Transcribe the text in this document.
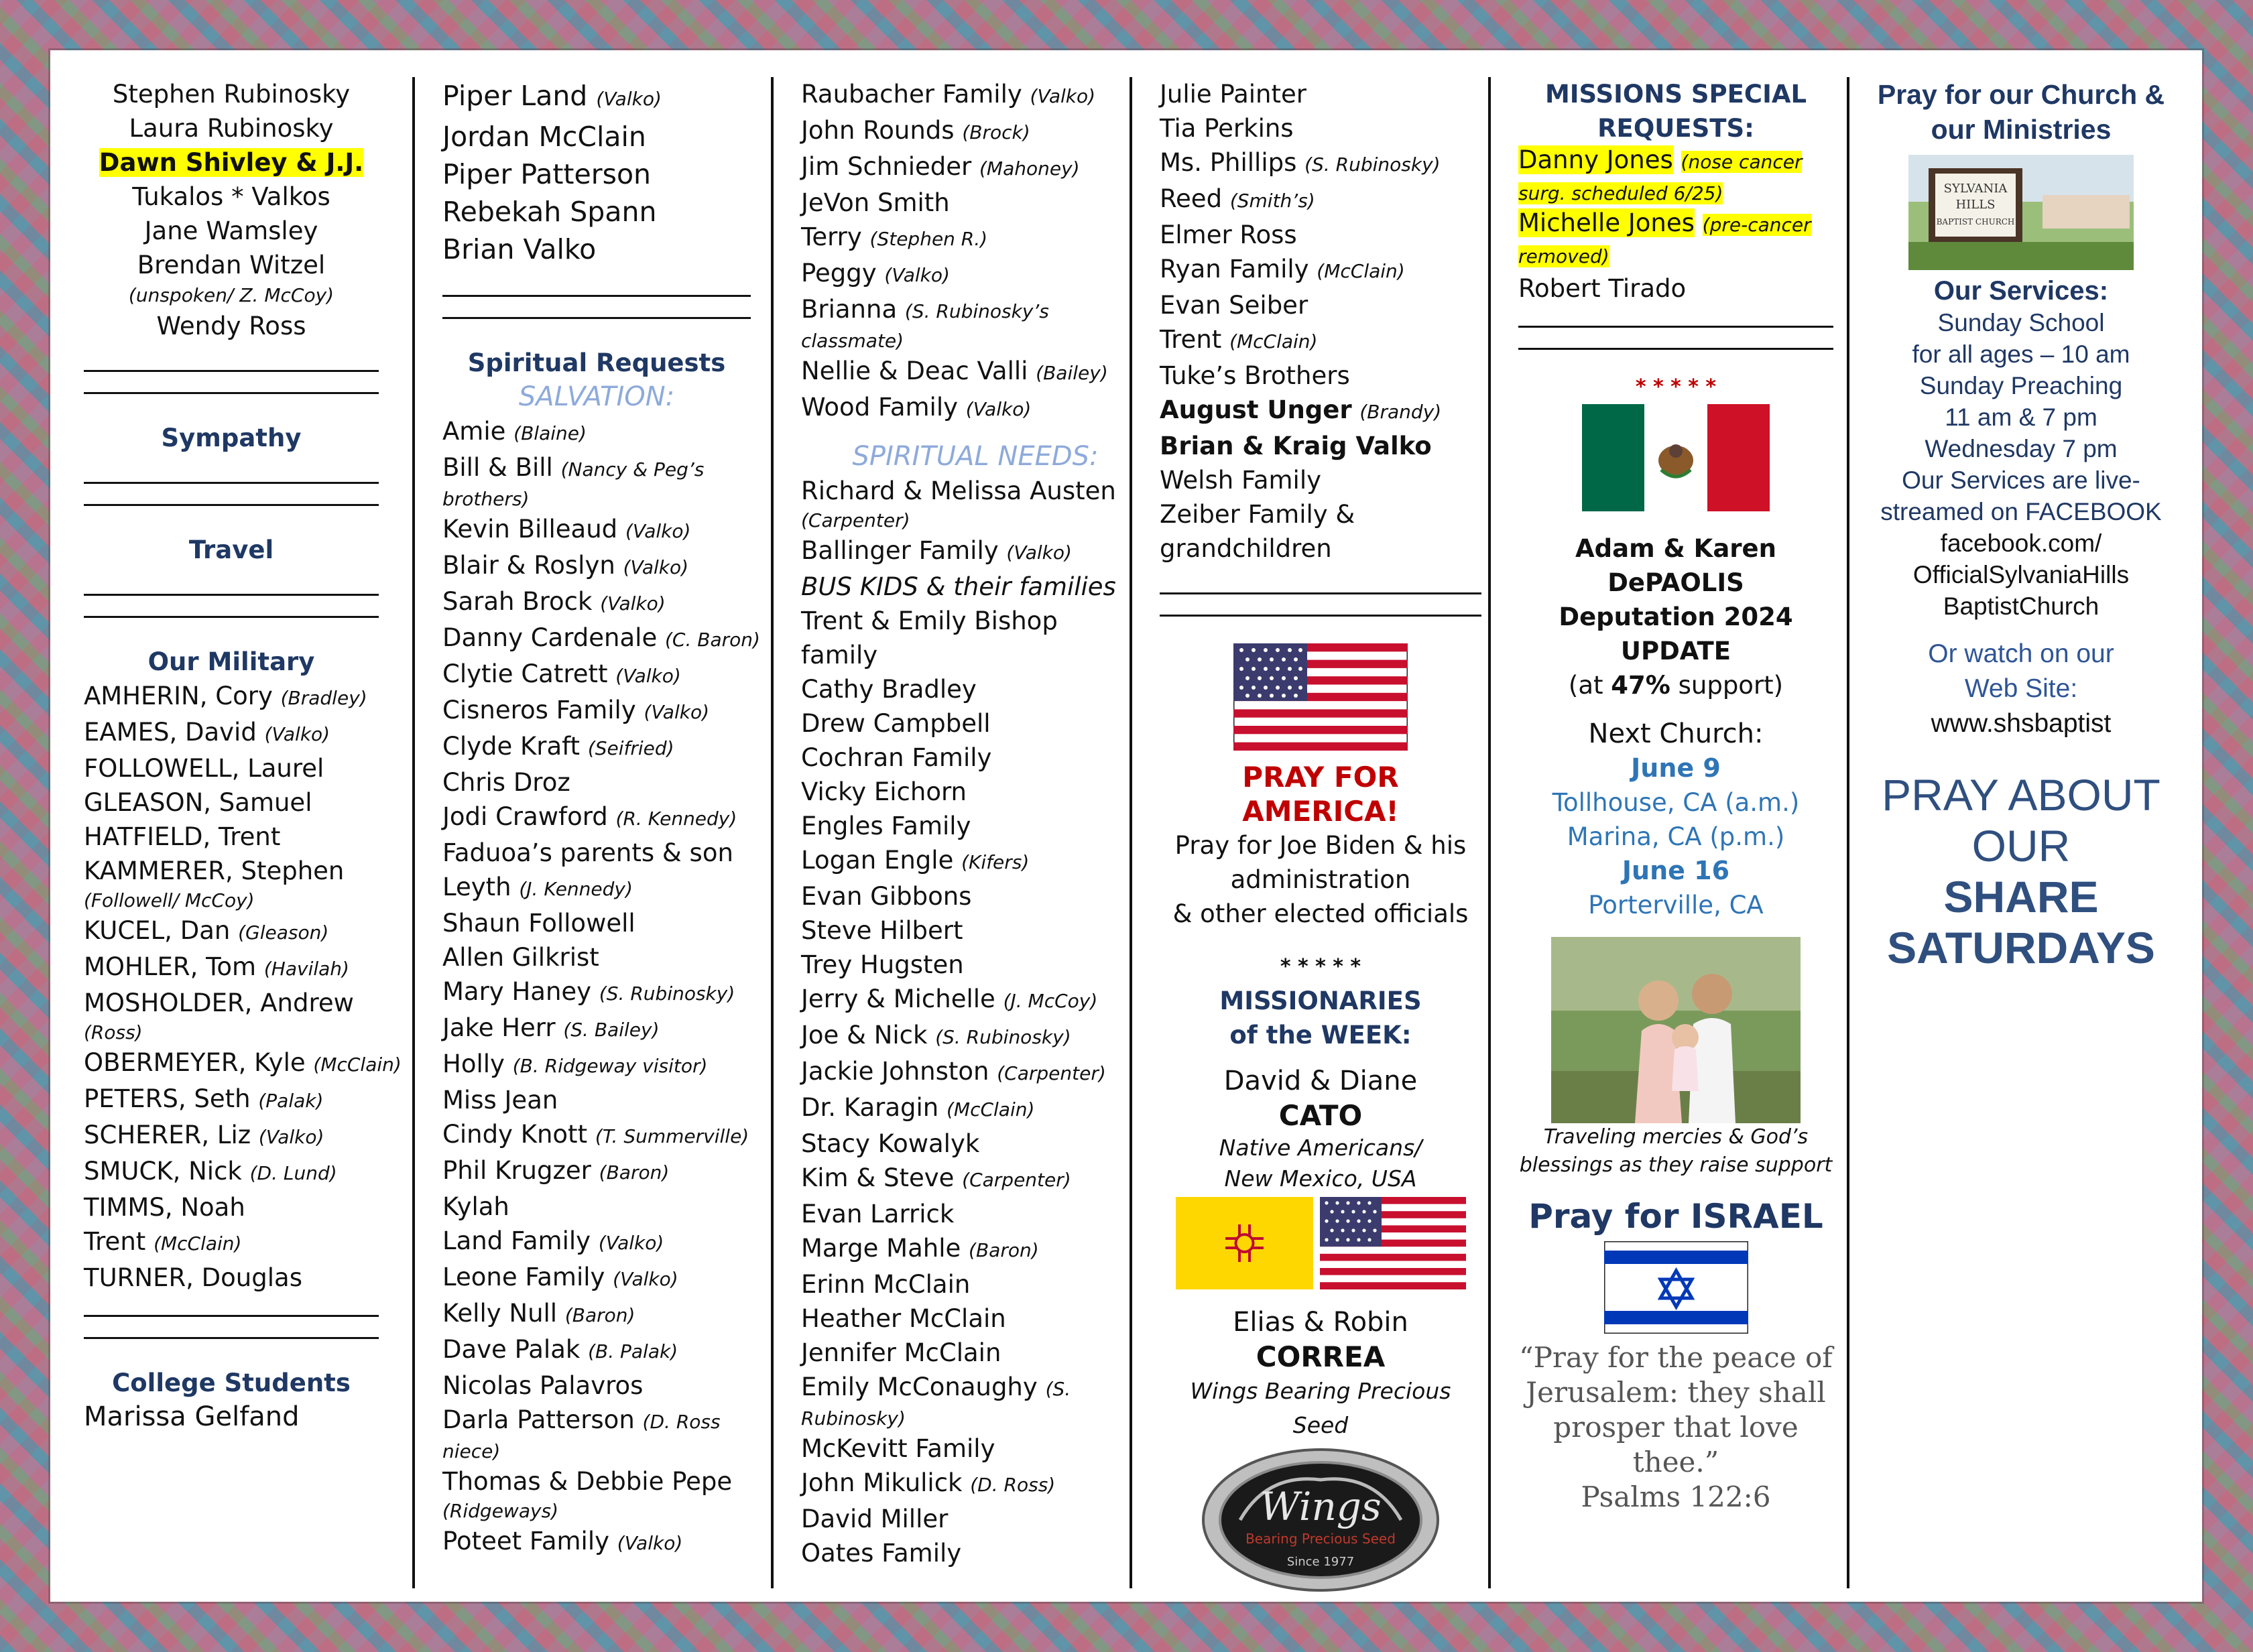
Stephen Rubinosky
Laura Rubinosky
Dawn Shivley & J.J.
Tukalos * Valkos
Jane Wamsley
Brendan Witzel
(unspoken/ Z. McCoy)
Wendy Ross
Sympathy
Travel
Our Military
AMHERIN, Cory (Bradley)
EAMES, David (Valko)
FOLLOWELL, Laurel
GLEASON, Samuel
HATFIELD, Trent
KAMMERER, Stephen
(Followell/ McCoy)
KUCEL, Dan (Gleason)
MOHLER, Tom (Havilah)
MOSHOLDER, Andrew
(Ross)
OBERMEYER, Kyle (McClain)
PETERS, Seth (Palak)
SCHERER, Liz (Valko)
SMUCK, Nick (D. Lund)
TIMMS, Noah
Trent (McClain)
TURNER, Douglas
College Students
Marissa Gelfand
Piper Land (Valko)
Jordan McClain
Piper Patterson
Rebekah Spann
Brian Valko
Spiritual Requests
SALVATION:
Amie (Blaine)
Bill & Bill (Nancy & Peg’s
brothers)
Kevin Billeaud (Valko)
Blair & Roslyn (Valko)
Sarah Brock (Valko)
Danny Cardenale (C. Baron)
Clytie Catrett (Valko)
Cisneros Family (Valko)
Clyde Kraft (Seifried)
Chris Droz
Jodi Crawford (R. Kennedy)
Faduoa’s parents & son
Leyth (J. Kennedy)
Shaun Followell
Allen Gilkrist
Mary Haney (S. Rubinosky)
Jake Herr (S. Bailey)
Holly (B. Ridgeway visitor)
Miss Jean
Cindy Knott (T. Summerville)
Phil Krugzer (Baron)
Kylah
Land Family (Valko)
Leone Family (Valko)
Kelly Null (Baron)
Dave Palak (B. Palak)
Nicolas Palavros
Darla Patterson (D. Ross
niece)
Thomas & Debbie Pepe
(Ridgeways)
Poteet Family (Valko)
Raubacher Family (Valko)
John Rounds (Brock)
Jim Schnieder (Mahoney)
JeVon Smith
Terry (Stephen R.)
Peggy (Valko)
Brianna (S. Rubinosky’s
classmate)
Nellie & Deac Valli (Bailey)
Wood Family (Valko)
SPIRITUAL NEEDS:
Richard & Melissa Austen
(Carpenter)
Ballinger Family (Valko)
BUS KIDS & their families
Trent & Emily Bishop
family
Cathy Bradley
Drew Campbell
Cochran Family
Vicky Eichorn
Engles Family
Logan Engle (Kifers)
Evan Gibbons
Steve Hilbert
Trey Hugsten
Jerry & Michelle (J. McCoy)
Joe & Nick (S. Rubinosky)
Jackie Johnston (Carpenter)
Dr. Karagin (McClain)
Stacy Kowalyk
Kim & Steve (Carpenter)
Evan Larrick
Marge Mahle (Baron)
Erinn McClain
Heather McClain
Jennifer McClain
Emily McConaughy (S.
Rubinosky)
McKevitt Family
John Mikulick (D. Ross)
David Miller
Oates Family
Julie Painter
Tia Perkins
Ms. Phillips (S. Rubinosky)
Reed (Smith’s)
Elmer Ross
Ryan Family (McClain)
Evan Seiber
Trent (McClain)
Tuke’s Brothers
August Unger (Brandy)
Brian & Kraig Valko
Welsh Family
Zeiber Family &
grandchildren
PRAY FOR AMERICA!
Pray for Joe Biden & his
administration
& other elected officials
* * * * *
MISSIONARIES
of the WEEK:
David & Diane
CATO
Native Americans/
New Mexico, USA
Elias & Robin
CORREA
Wings Bearing Precious Seed
Wings
Bearing Precious Seed
Since 1977
MISSIONS SPECIAL
REQUESTS:
Danny Jones (nose cancer surg. scheduled 6/25)
Michelle Jones (pre-cancer removed)
Robert Tirado
* * * * *
Adam & Karen DePAOLIS
Deputation 2024 UPDATE
(at 47% support)
Next Church:
June 9
Tollhouse, CA (a.m.)
Marina, CA (p.m.)
June 16
Porterville, CA
Traveling mercies & God’s
blessings as they raise support
Pray for ISRAEL
“Pray for the peace of
Jerusalem: they shall
prosper that love
thee.”
Psalms 122:6
Pray for our Church &
our Ministries
SYLVANIA
HILLS
BAPTIST CHURCH
Our Services:
Sunday School
for all ages – 10 am
Sunday Preaching
11 am & 7 pm
Wednesday 7 pm
Our Services are live-
streamed on FACEBOOK
facebook.com/
OfficialSylvaniaHills
BaptistChurch
Or watch on our
Web Site:
www.shsbaptist
PRAY ABOUT
OUR
SHARE
SATURDAYS
